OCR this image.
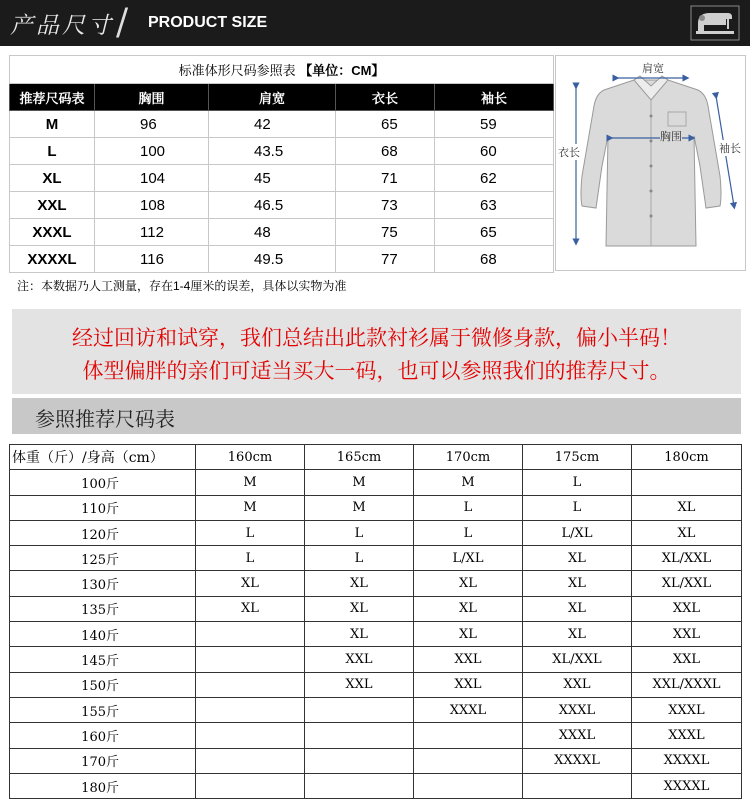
产品尺寸 / PRODUCT SIZE
标准体形尺码参照表 【单位：CM】				
推荐尺码表	胸围	肩宽	衣长	袖长
M	96	42	65	59
L	100	43.5	68	60
XL	104	45	71	62
XXL	108	46.5	73	63
XXXL	112	48	75	65
XXXXL	116	49.5	77	68
肩宽
胸围
衣长	袖长
注：本数据乃人工测量，存在1-4厘米的误差，具体以实物为准
经过回访和试穿，我们总结出此款衬衫属于微修身款，偏小半码！
体型偏胖的亲们可适当买大一码，也可以参照我们的推荐尺寸。
参照推荐尺码表
体重（斤）/身高（cm）	160cm	165cm	170cm	175cm	180cm
100斤	M	M	M	L	
110斤	M	M	L	L	XL
120斤	L	L	L	L/XL	XL
125斤	L	L	L/XL	XL	XL/XXL
130斤	XL	XL	XL	XL	XL/XXL
135斤	XL	XL	XL	XL	XXL
140斤		XL	XL	XL	XXL
145斤		XXL	XXL	XL/XXL	XXL
150斤		XXL	XXL	XXL	XXL/XXXL
155斤			XXXL	XXXL	XXXL
160斤				XXXL	XXXL
170斤				XXXXL	XXXXL
180斤					XXXXL
